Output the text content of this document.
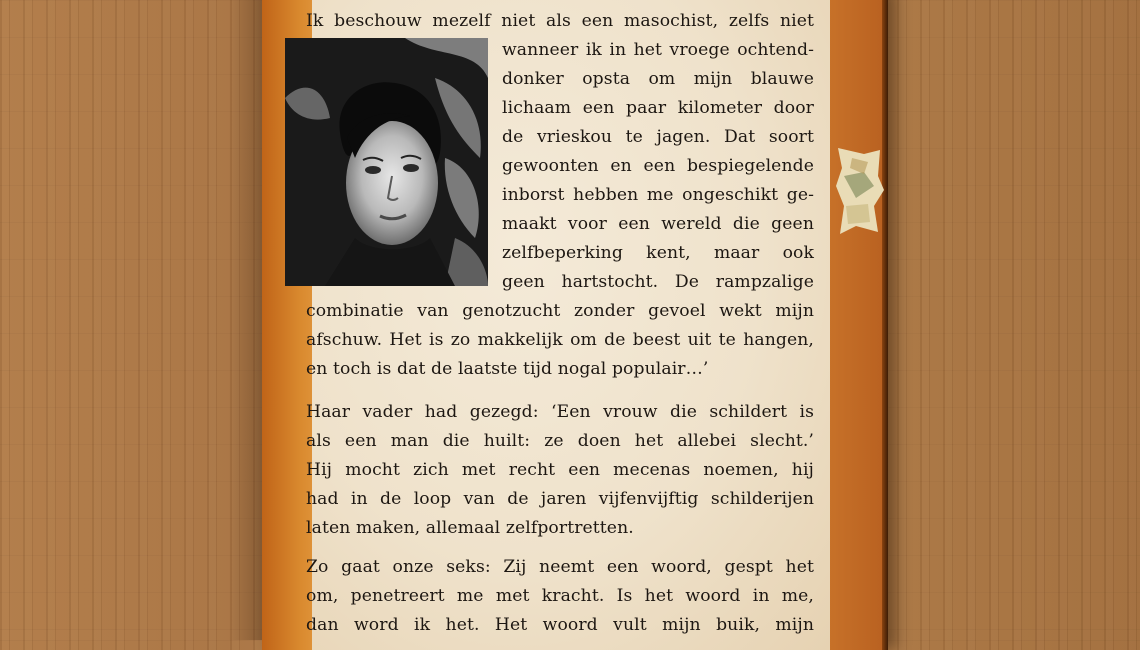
Ik beschouw mezelf niet als een masochist, zelfs niet
wanneer ik in het vroege ochtend-
donker opsta om mijn blauwe
lichaam een paar kilometer door
de vrieskou te jagen. Dat soort
gewoonten en een bespiegelende
inborst hebben me ongeschikt ge-
maakt voor een wereld die geen
zelfbeperking kent, maar ook
geen hartstocht. De rampzalige
combinatie van genotzucht zonder gevoel wekt mijn
afschuw. Het is zo makkelijk om de beest uit te hangen,
en toch is dat de laatste tijd nogal populair…’
Haar vader had gezegd: ‘Een vrouw die schildert is
als een man die huilt: ze doen het allebei slecht.’
Hij mocht zich met recht een mecenas noemen, hij
had in de loop van de jaren vijfenvijftig schilderijen
laten maken, allemaal zelfportretten.
Zo gaat onze seks: Zij neemt een woord, gespt het
om, penetreert me met kracht. Is het woord in me,
dan word ik het. Het woord vult mijn buik, mijn
